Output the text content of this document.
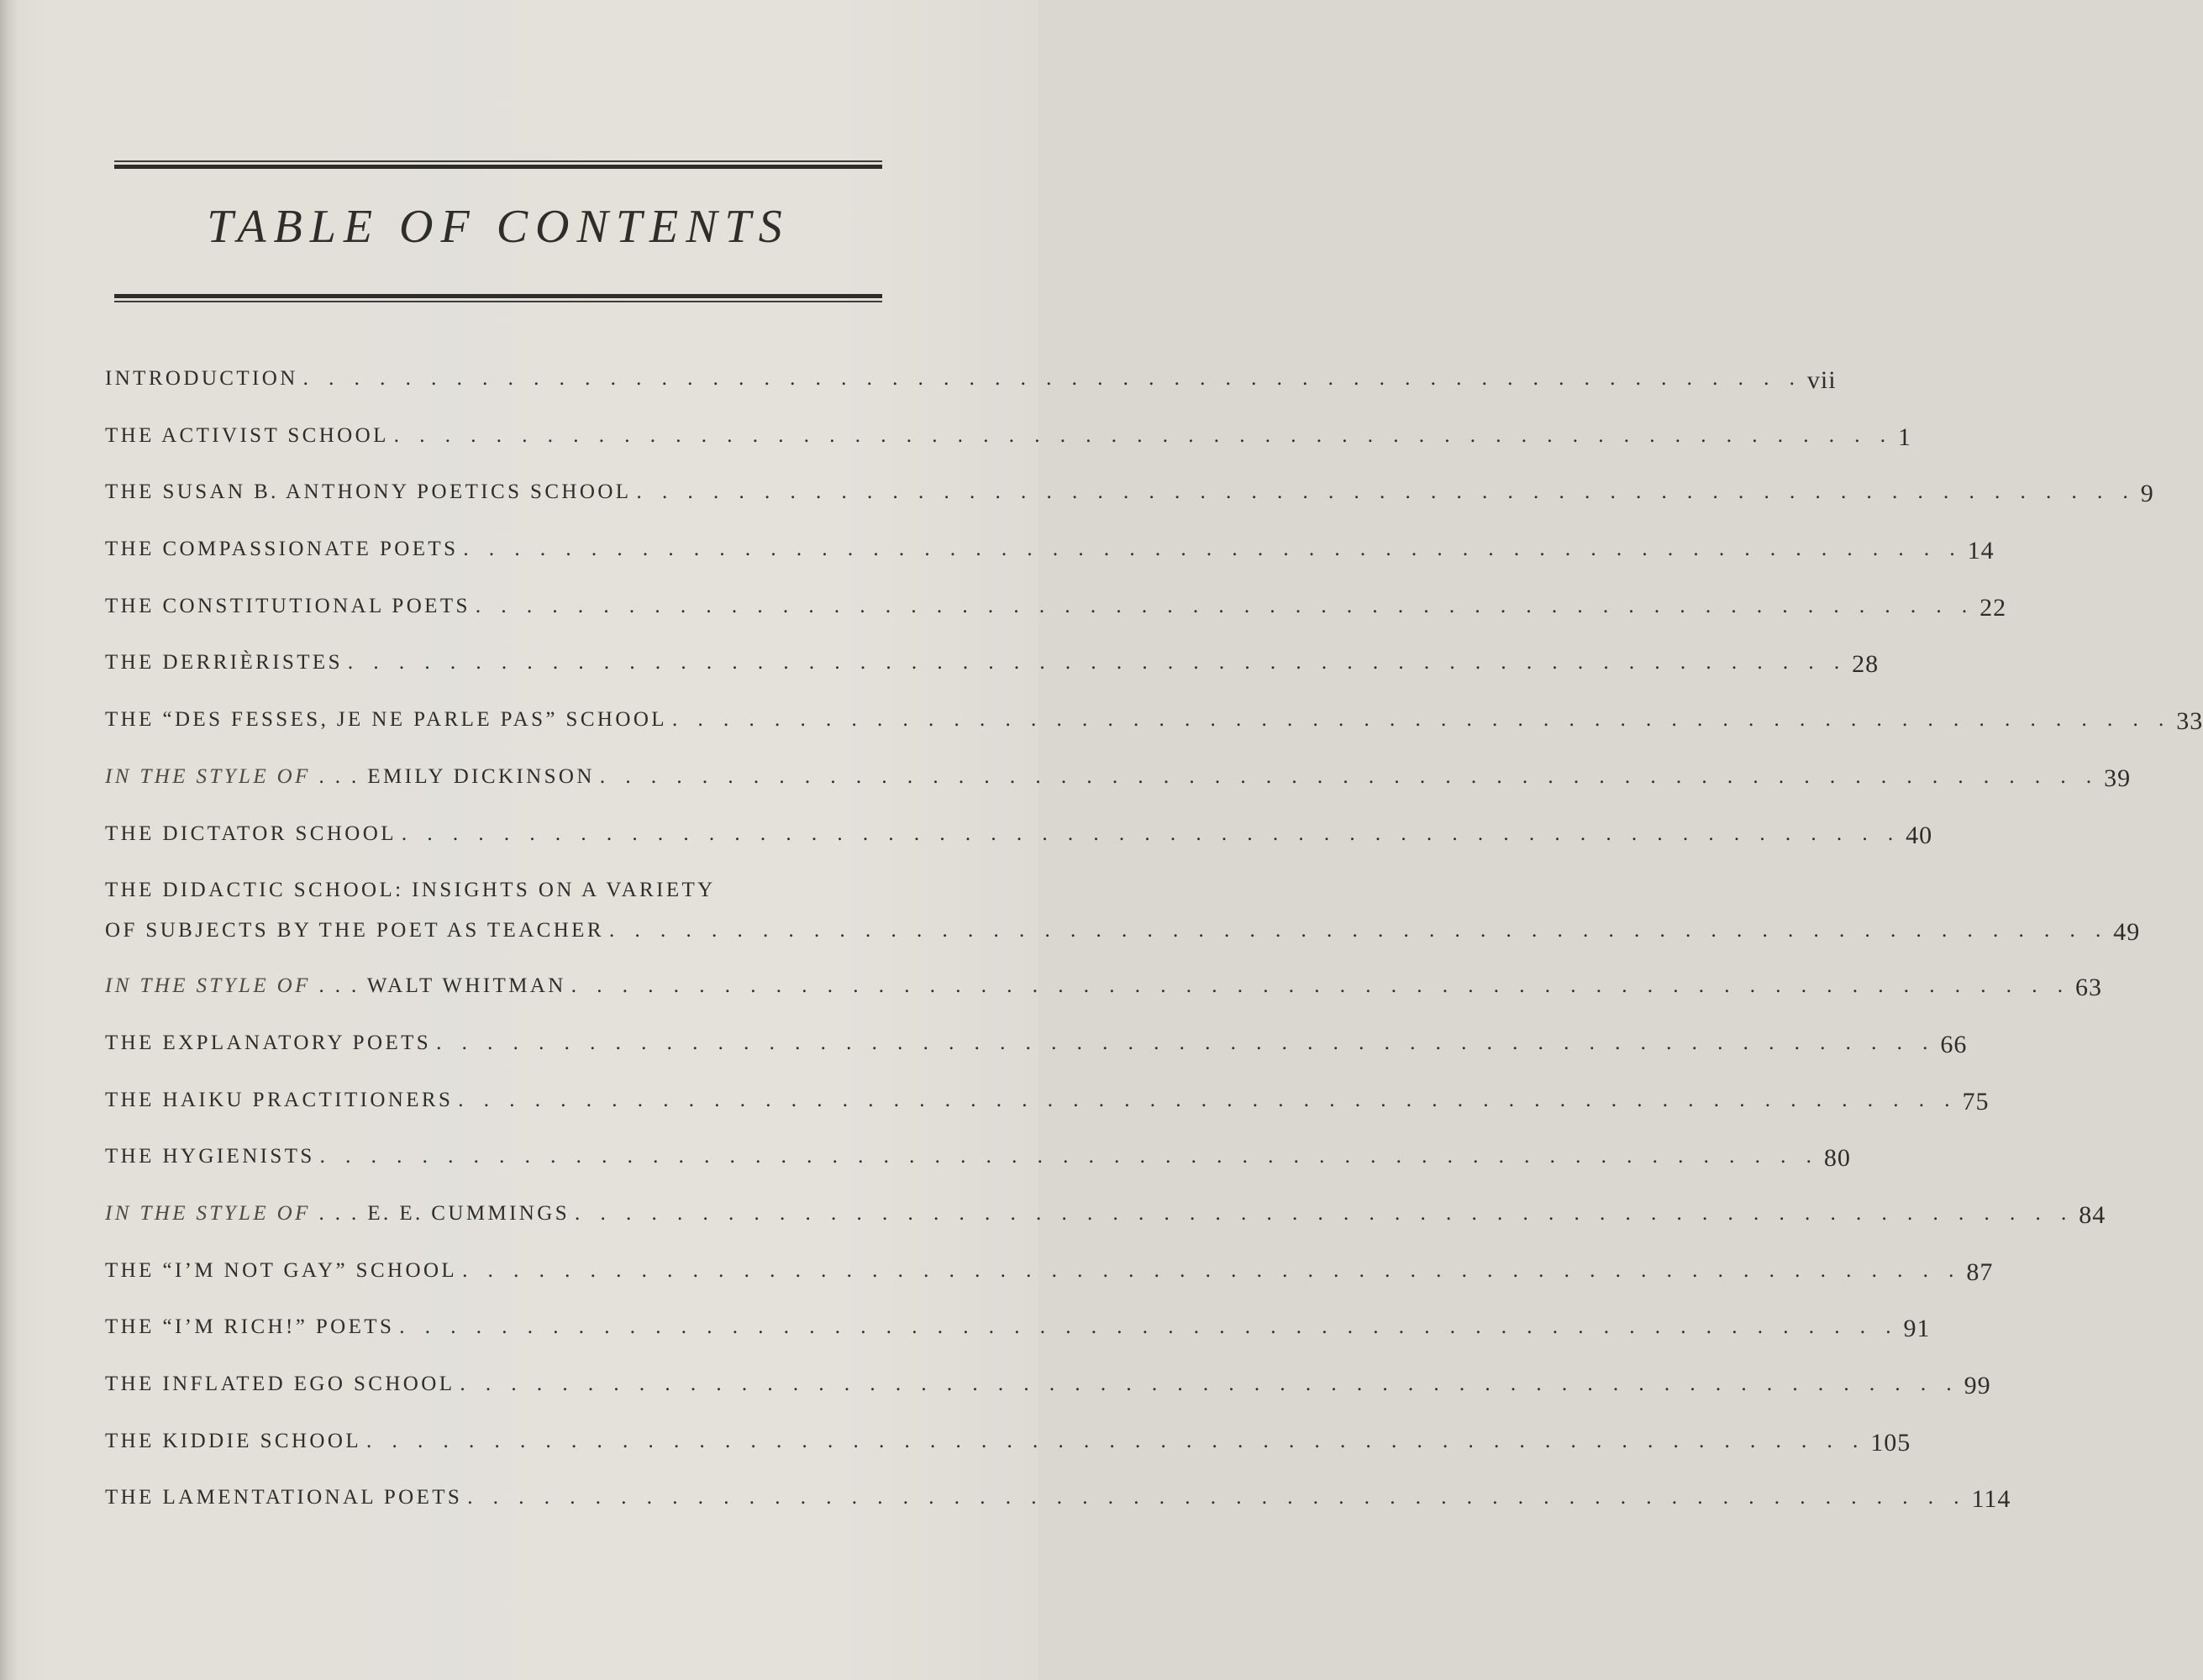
TABLE OF CONTENTS
INTRODUCTION . . . . . . . . . . . . . . . . . . . . . . . . . . . . . . . . . . . . . . . . . . . . . . . . . . . . . . . . . . . vii
THE ACTIVIST SCHOOL . . . . . . . . . . . . . . . . . . . . . . . . . . . . . . . . . . . . . . . . . . . . . . . . . . . . . . . . . . . 1
THE SUSAN B. ANTHONY POETICS SCHOOL . . . . . . . . . . . . . . . . . . . . . . . . . . . . . . . . . . . . . . . . . . . . . . . . . . . . . . . . . . . 9
THE COMPASSIONATE POETS . . . . . . . . . . . . . . . . . . . . . . . . . . . . . . . . . . . . . . . . . . . . . . . . . . . . . . . . . . . 14
THE CONSTITUTIONAL POETS . . . . . . . . . . . . . . . . . . . . . . . . . . . . . . . . . . . . . . . . . . . . . . . . . . . . . . . . . . . 22
THE DERRIÈRISTES . . . . . . . . . . . . . . . . . . . . . . . . . . . . . . . . . . . . . . . . . . . . . . . . . . . . . . . . . . . 28
THE “DES FESSES, JE NE PARLE PAS” SCHOOL . . . . . . . . . . . . . . . . . . . . . . . . . . . . . . . . . . . . . . . . . . . . . . . . . . . . . . . . . . . 33
IN THE STYLE OF . . . EMILY DICKINSON . . . . . . . . . . . . . . . . . . . . . . . . . . . . . . . . . . . . . . . . . . . . . . . . . . . . . . . . . . . 39
THE DICTATOR SCHOOL . . . . . . . . . . . . . . . . . . . . . . . . . . . . . . . . . . . . . . . . . . . . . . . . . . . . . . . . . . . 40
THE DIDACTIC SCHOOL: INSIGHTS ON A VARIETY
OF SUBJECTS BY THE POET AS TEACHER . . . . . . . . . . . . . . . . . . . . . . . . . . . . . . . . . . . . . . . . . . . . . . . . . . . . . . . . . . . 49
IN THE STYLE OF . . . WALT WHITMAN . . . . . . . . . . . . . . . . . . . . . . . . . . . . . . . . . . . . . . . . . . . . . . . . . . . . . . . . . . . 63
THE EXPLANATORY POETS . . . . . . . . . . . . . . . . . . . . . . . . . . . . . . . . . . . . . . . . . . . . . . . . . . . . . . . . . . . 66
THE HAIKU PRACTITIONERS . . . . . . . . . . . . . . . . . . . . . . . . . . . . . . . . . . . . . . . . . . . . . . . . . . . . . . . . . . . 75
THE HYGIENISTS . . . . . . . . . . . . . . . . . . . . . . . . . . . . . . . . . . . . . . . . . . . . . . . . . . . . . . . . . . . 80
IN THE STYLE OF . . . E. E. CUMMINGS . . . . . . . . . . . . . . . . . . . . . . . . . . . . . . . . . . . . . . . . . . . . . . . . . . . . . . . . . . . 84
THE “I’M NOT GAY” SCHOOL . . . . . . . . . . . . . . . . . . . . . . . . . . . . . . . . . . . . . . . . . . . . . . . . . . . . . . . . . . . 87
THE “I’M RICH!” POETS . . . . . . . . . . . . . . . . . . . . . . . . . . . . . . . . . . . . . . . . . . . . . . . . . . . . . . . . . . . 91
THE INFLATED EGO SCHOOL . . . . . . . . . . . . . . . . . . . . . . . . . . . . . . . . . . . . . . . . . . . . . . . . . . . . . . . . . . . 99
THE KIDDIE SCHOOL . . . . . . . . . . . . . . . . . . . . . . . . . . . . . . . . . . . . . . . . . . . . . . . . . . . . . . . . . . . 105
THE LAMENTATIONAL POETS . . . . . . . . . . . . . . . . . . . . . . . . . . . . . . . . . . . . . . . . . . . . . . . . . . . . . . . . . . . 114
